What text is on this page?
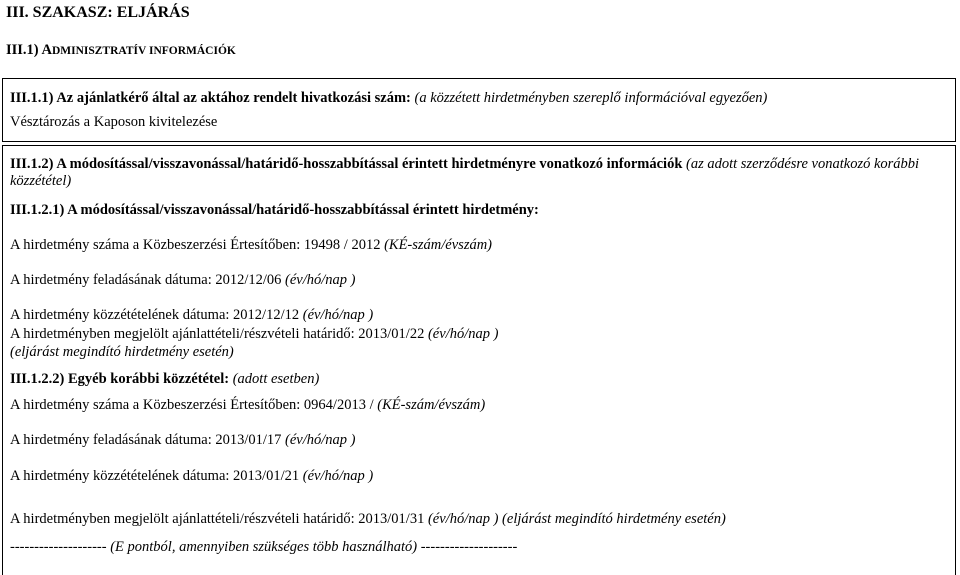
III. SZAKASZ: ELJÁRÁS
III.1) ADMINISZTRATÍV INFORMÁCIÓK
III.1.1) Az ajánlatkérő által az aktához rendelt hivatkozási szám: (a közzétett hirdetményben szereplő információval egyezően)
Vésztározás a Kaposon kivitelezése
III.1.2) A módosítással/visszavonással/határidő-hosszabbítással érintett hirdetményre vonatkozó információk (az adott szerződésre vonatkozó korábbi közzététel)
III.1.2.1) A módosítással/visszavonással/határidő-hosszabbítással érintett hirdetmény:
A hirdetmény száma a Közbeszerzési Értesítőben: 19498 / 2012 (KÉ-szám/évszám)
A hirdetmény feladásának dátuma: 2012/12/06 (év/hó/nap )
A hirdetmény közzétételének dátuma: 2012/12/12 (év/hó/nap )
A hirdetményben megjelölt ajánlattételi/részvételi határidő: 2013/01/22 (év/hó/nap )
(eljárást megindító hirdetmény esetén)
III.1.2.2) Egyéb korábbi közzététel: (adott esetben)
A hirdetmény száma a Közbeszerzési Értesítőben: 0964/2013 / (KÉ-szám/évszám)
A hirdetmény feladásának dátuma: 2013/01/17 (év/hó/nap )
A hirdetmény közzétételének dátuma: 2013/01/21 (év/hó/nap )
A hirdetményben megjelölt ajánlattételi/részvételi határidő: 2013/01/31 (év/hó/nap ) (eljárást megindító hirdetmény esetén)
-------------------- (E pontból, amennyiben szükséges több használható) --------------------
